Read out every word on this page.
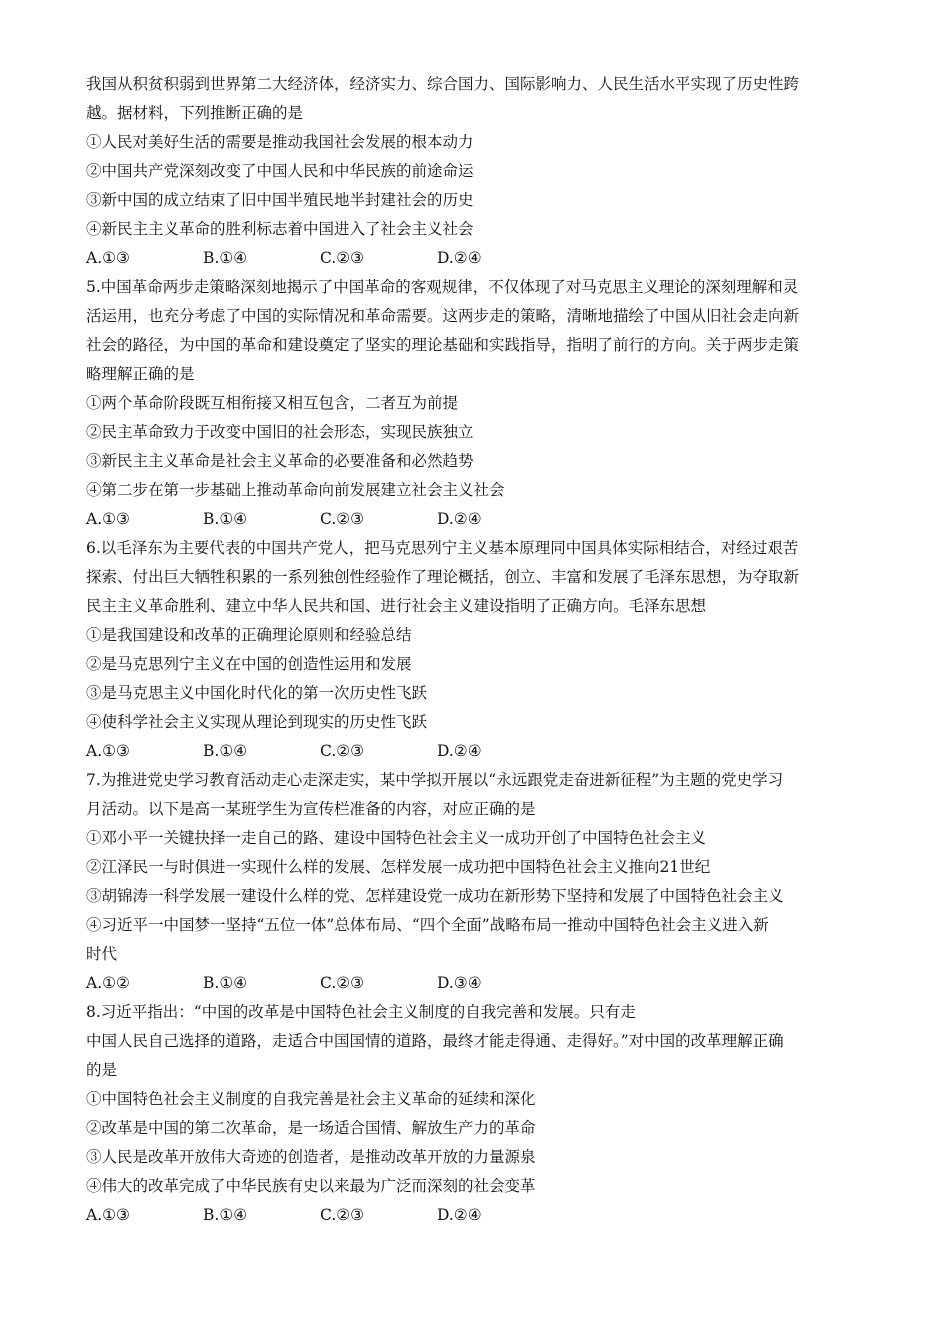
我国从积贫积弱到世界第二大经济体，经济实力、综合国力、国际影响力、人民生活水平实现了历史性跨
越。据材料，下列推断正确的是
①人民对美好生活的需要是推动我国社会发展的根本动力
②中国共产党深刻改变了中国人民和中华民族的前途命运
③新中国的成立结束了旧中国半殖民地半封建社会的历史
④新民主主义革命的胜利标志着中国进入了社会主义社会
A.①③	B.①④	C.②③	D.②④
5.中国革命两步走策略深刻地揭示了中国革命的客观规律，不仅体现了对马克思主义理论的深刻理解和灵
活运用，也充分考虑了中国的实际情况和革命需要。这两步走的策略，清晰地描绘了中国从旧社会走向新
社会的路径，为中国的革命和建设奠定了坚实的理论基础和实践指导，指明了前行的方向。关于两步走策
略理解正确的是
①两个革命阶段既互相衔接又相互包含，二者互为前提
②民主革命致力于改变中国旧的社会形态，实现民族独立
③新民主主义革命是社会主义革命的必要准备和必然趋势
④第二步在第一步基础上推动革命向前发展建立社会主义社会
A.①③	B.①④	C.②③	D.②④
6.以毛泽东为主要代表的中国共产党人，把马克思列宁主义基本原理同中国具体实际相结合，对经过艰苦
探索、付出巨大牺牲积累的一系列独创性经验作了理论概括，创立、丰富和发展了毛泽东思想，为夺取新
民主主义革命胜利、建立中华人民共和国、进行社会主义建设指明了正确方向。毛泽东思想
①是我国建设和改革的正确理论原则和经验总结
②是马克思列宁主义在中国的创造性运用和发展
③是马克思主义中国化时代化的第一次历史性飞跃
④使科学社会主义实现从理论到现实的历史性飞跃
A.①③	B.①④	C.②③	D.②④
7.为推进党史学习教育活动走心走深走实，某中学拟开展以“永远跟党走奋进新征程”为主题的党史学习
月活动。以下是高一某班学生为宣传栏准备的内容，对应正确的是
①邓小平一关键抉择一走自己的路、建设中国特色社会主义一成功开创了中国特色社会主义
②江泽民一与时俱进一实现什么样的发展、怎样发展一成功把中国特色社会主义推向21世纪
③胡锦涛一科学发展一建设什么样的党、怎样建设党一成功在新形势下坚持和发展了中国特色社会主义
④习近平一中国梦一坚持“五位一体”总体布局、“四个全面”战略布局一推动中国特色社会主义进入新
时代
A.①②	B.①④	C.②③	D.③④
8.习近平指出：“中国的改革是中国特色社会主义制度的自我完善和发展。只有走
中国人民自己选择的道路，走适合中国国情的道路，最终才能走得通、走得好。”对中国的改革理解正确
的是
①中国特色社会主义制度的自我完善是社会主义革命的延续和深化
②改革是中国的第二次革命，是一场适合国情、解放生产力的革命
③人民是改革开放伟大奇迹的创造者，是推动改革开放的力量源泉
④伟大的改革完成了中华民族有史以来最为广泛而深刻的社会变革
A.①③	B.①④	C.②③	D.②④
